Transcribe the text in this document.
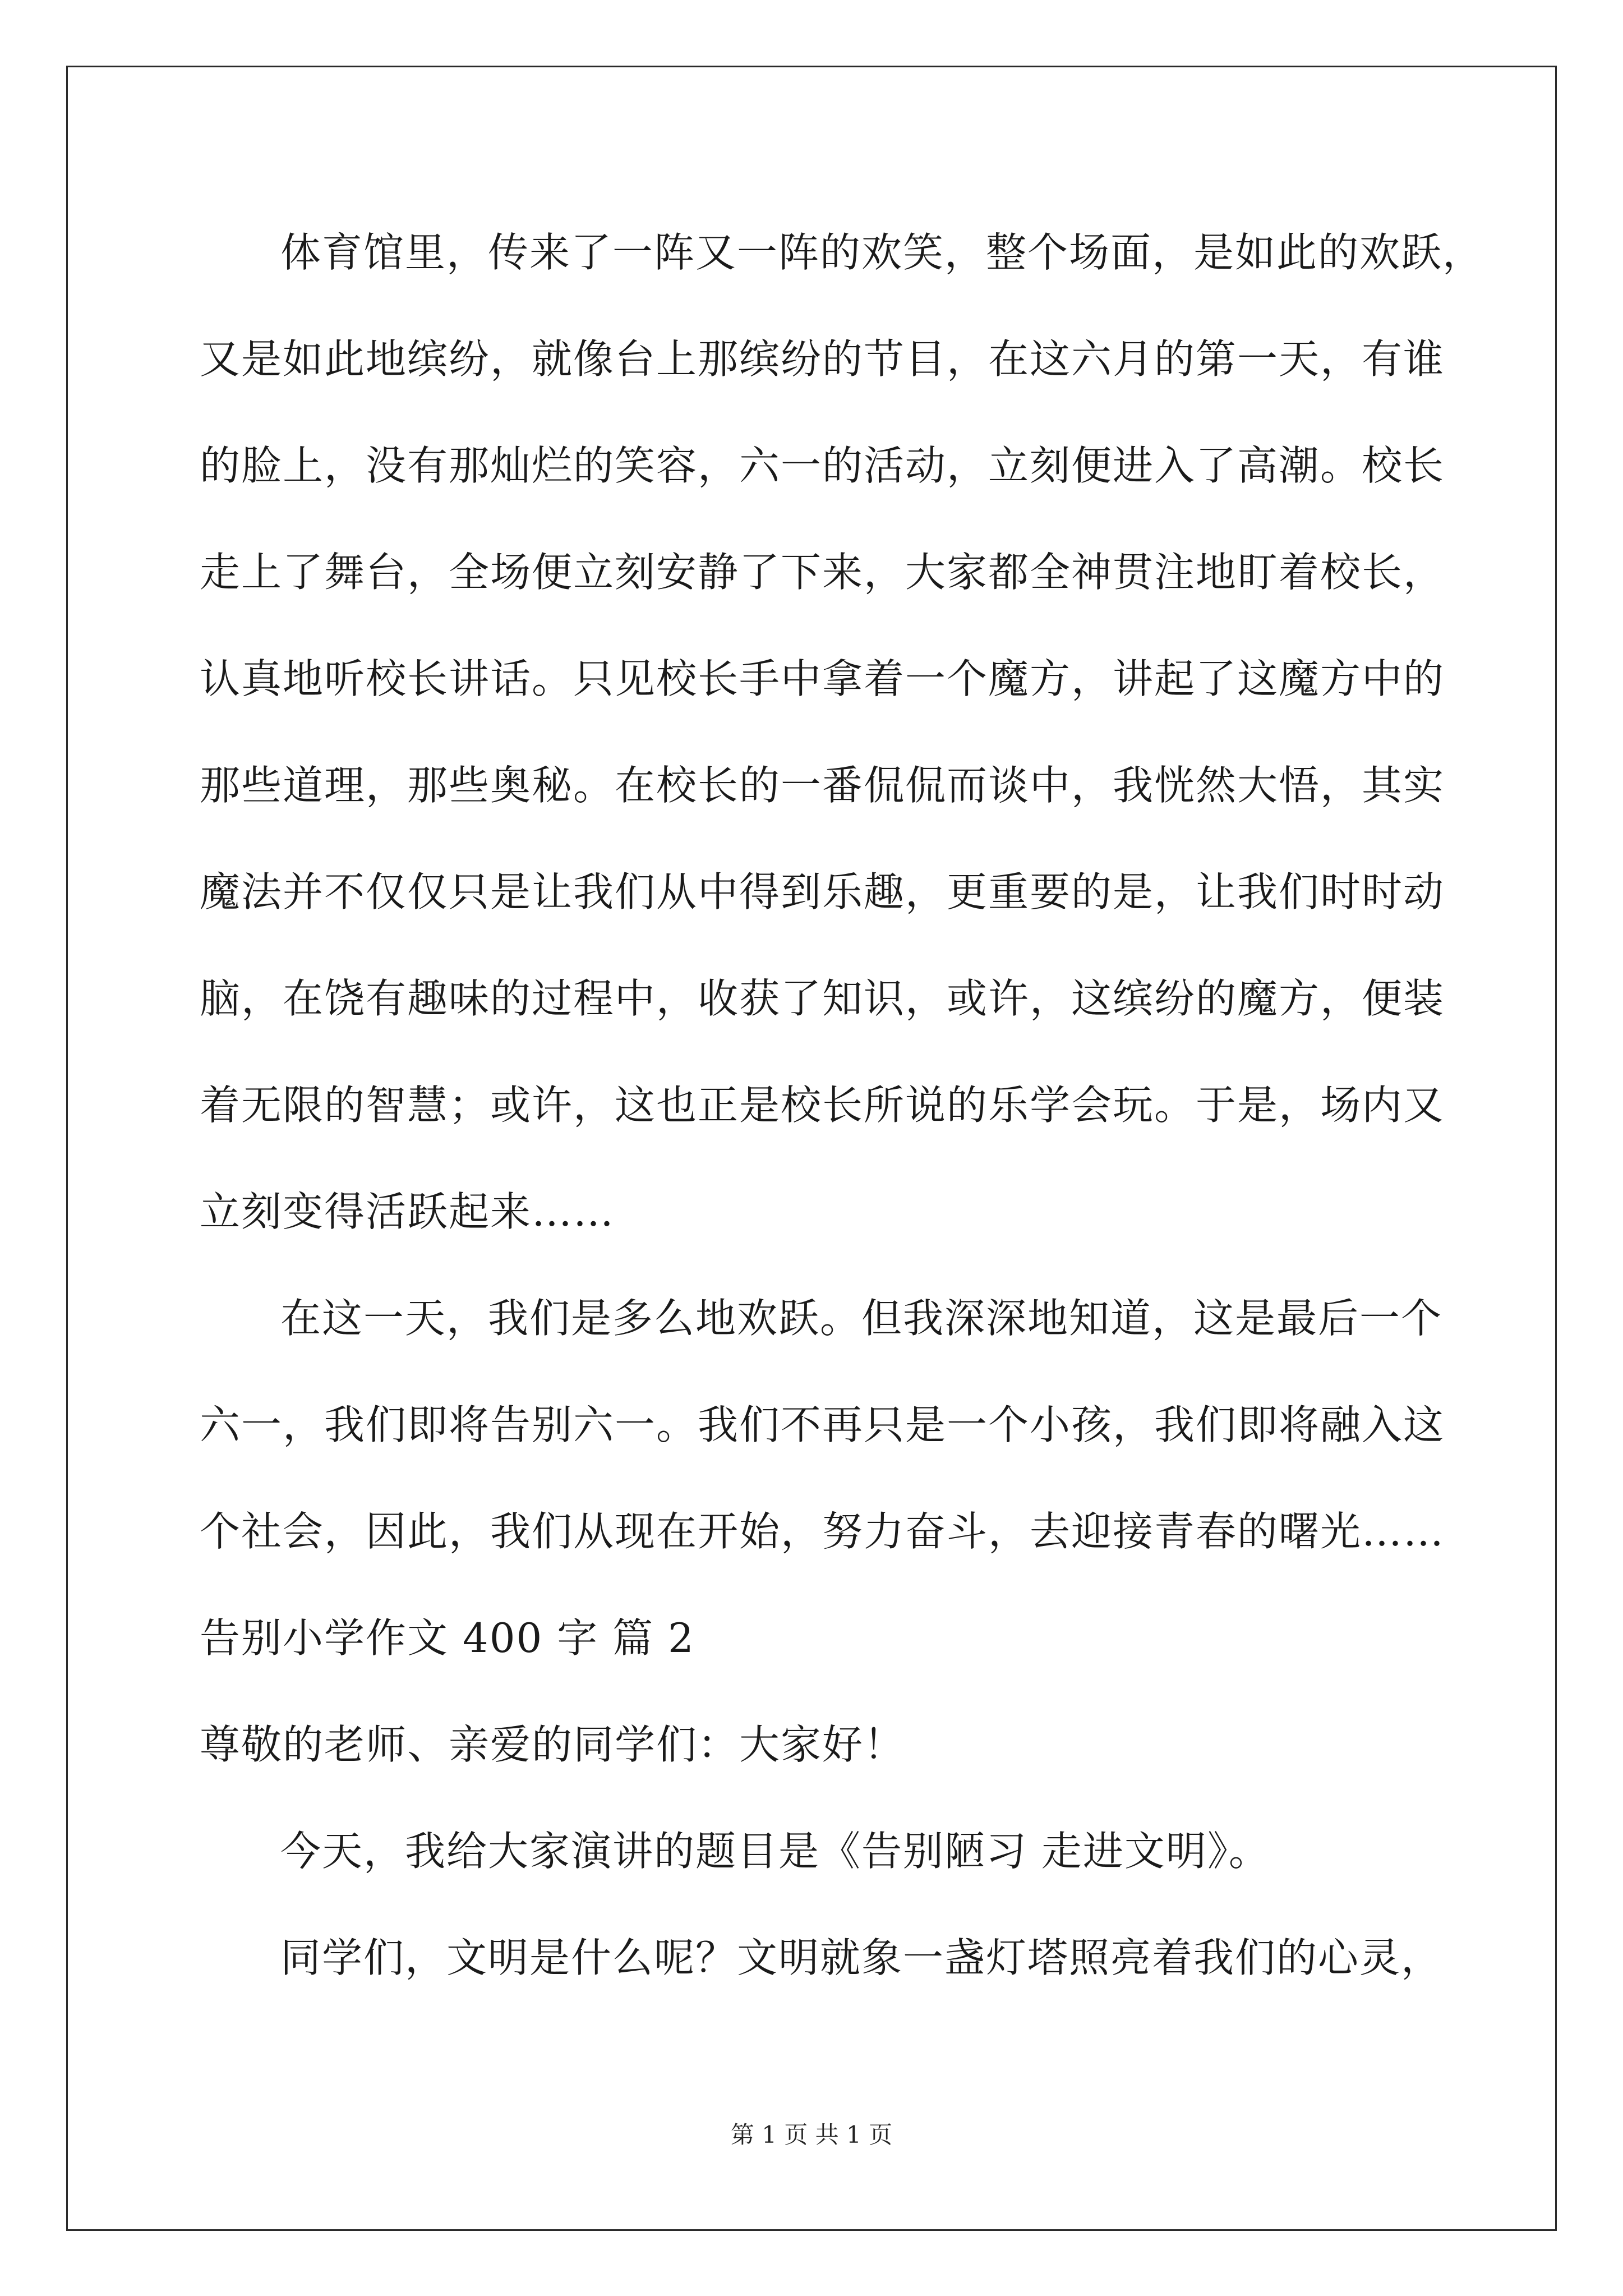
体育馆里，传来了一阵又一阵的欢笑，整个场面，是如此的欢跃，
又是如此地缤纷，就像台上那缤纷的节目，在这六月的第一天，有谁
的脸上，没有那灿烂的笑容，六一的活动，立刻便进入了高潮。校长
走上了舞台，全场便立刻安静了下来，大家都全神贯注地盯着校长，
认真地听校长讲话。只见校长手中拿着一个魔方，讲起了这魔方中的
那些道理，那些奥秘。在校长的一番侃侃而谈中，我恍然大悟，其实
魔法并不仅仅只是让我们从中得到乐趣，更重要的是，让我们时时动
脑，在饶有趣味的过程中，收获了知识，或许，这缤纷的魔方，便装
着无限的智慧；或许，这也正是校长所说的乐学会玩。于是，场内又
立刻变得活跃起来……
在这一天，我们是多么地欢跃。但我深深地知道，这是最后一个
六一，我们即将告别六一。我们不再只是一个小孩，我们即将融入这
个社会，因此，我们从现在开始，努力奋斗，去迎接青春的曙光……
告别小学作文 400 字 篇 2
尊敬的老师、亲爱的同学们：大家好！
今天，我给大家演讲的题目是《告别陋习 走进文明》。
同学们，文明是什么呢？文明就象一盏灯塔照亮着我们的心灵，
第 1 页 共 1 页
